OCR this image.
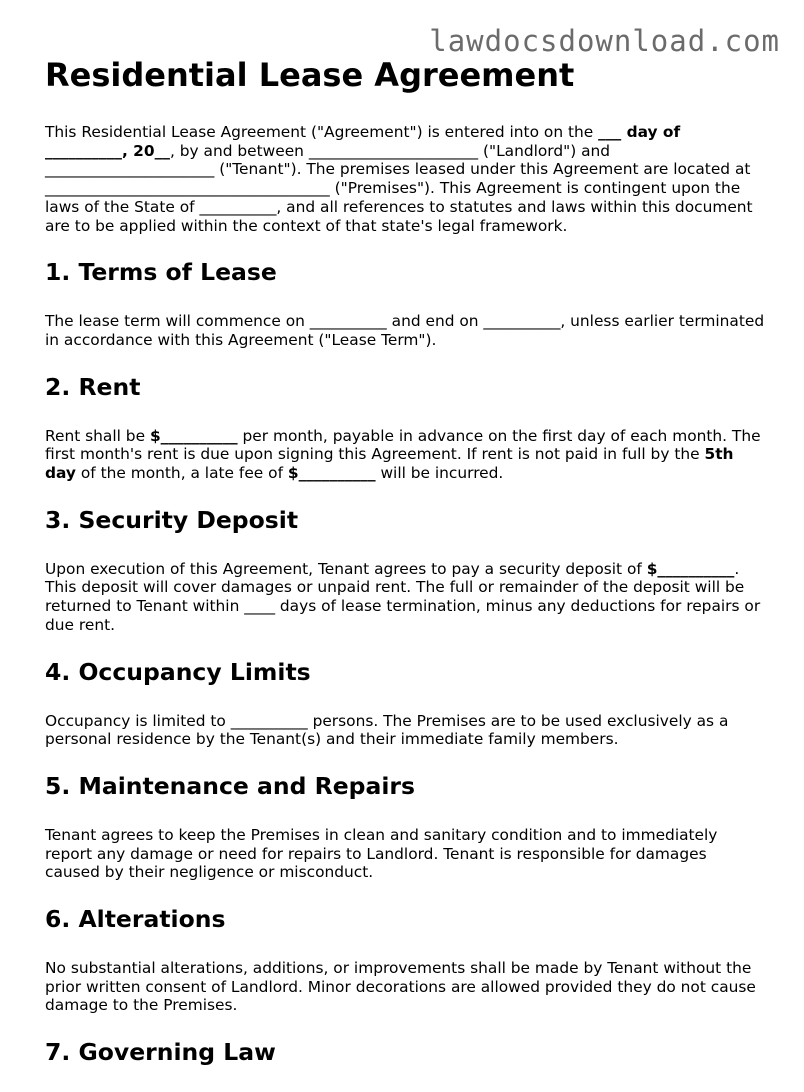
lawdocsdownload.com
Residential Lease Agreement

This Residential Lease Agreement ("Agreement") is entered into on the ___ day of __________, 20__, by and between ______________________ ("Landlord") and ______________________ ("Tenant"). The premises leased under this Agreement are located at _____________________________________ ("Premises"). This Agreement is contingent upon the laws of the State of __________, and all references to statutes and laws within this document are to be applied within the context of that state's legal framework.

1. Terms of Lease

The lease term will commence on __________ and end on __________, unless earlier terminated in accordance with this Agreement ("Lease Term").

2. Rent

Rent shall be $__________ per month, payable in advance on the first day of each month. The first month's rent is due upon signing this Agreement. If rent is not paid in full by the 5th day of the month, a late fee of $__________ will be incurred.

3. Security Deposit

Upon execution of this Agreement, Tenant agrees to pay a security deposit of $__________. This deposit will cover damages or unpaid rent. The full or remainder of the deposit will be returned to Tenant within ____ days of lease termination, minus any deductions for repairs or due rent.

4. Occupancy Limits

Occupancy is limited to __________ persons. The Premises are to be used exclusively as a personal residence by the Tenant(s) and their immediate family members.

5. Maintenance and Repairs

Tenant agrees to keep the Premises in clean and sanitary condition and to immediately report any damage or need for repairs to Landlord. Tenant is responsible for damages caused by their negligence or misconduct.

6. Alterations

No substantial alterations, additions, or improvements shall be made by Tenant without the prior written consent of Landlord. Minor decorations are allowed provided they do not cause damage to the Premises.

7. Governing Law
